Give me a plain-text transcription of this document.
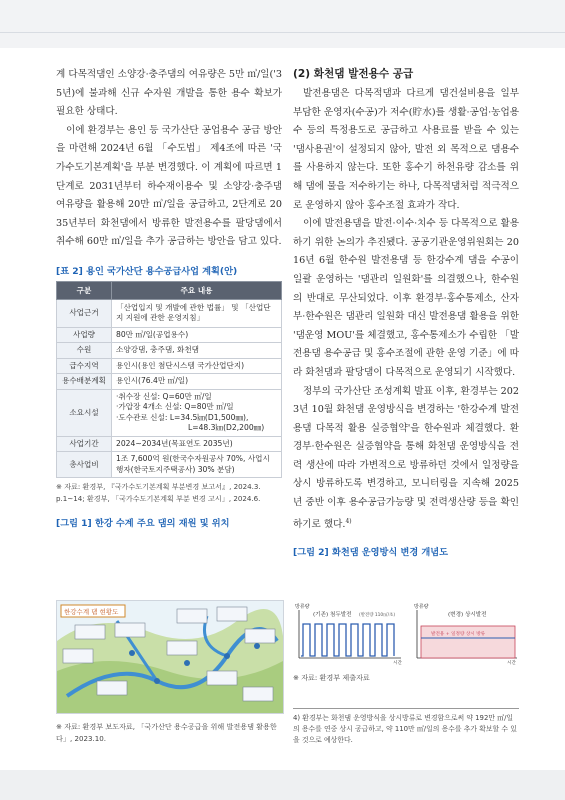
계 다목적댐인 소양강·충주댐의 여유량은 5만 ㎥/일('35년)에 불과해 신규 수자원 개발을 통한 용수 확보가 필요한 상태다.

이에 환경부는 용인 등 국가산단 공업용수 공급 방안을 마련해 2024년 6월 「수도법」 제4조에 따른 '국가수도기본계획'을 부분 변경했다. 이 계획에 따르면 1단계로 2031년부터 하수재이용수 및 소양강·충주댐 여유량을 활용해 20만 ㎥/일을 공급하고, 2단계로 2035년부터 화천댐에서 방류한 발전용수를 팔당댐에서 취수해 60만 ㎥/일을 추가 공급하는 방안을 담고 있다.

[표 2] 용인 국가산단 용수공급사업 계획(안)

구분	주요 내용
사업근거	「산업입지 및 개발에 관한 법률」 및 「산업단지 지원에 관한 운영지침」
사업량	80만 ㎥/일(공업용수)
수원	소양강댐, 충주댐, 화천댐
급수지역	용인시(용인 첨단시스템 국가산업단지)
용수배분계획	용인시(76.4만 ㎥/일)
소요시설	·취수장 신설: Q=60만 ㎥/일
·가압장 4개소 신설: Q=80만 ㎥/일
·도수관로 신설: L=34.5㎞(D1,500㎜),
L=48.3㎞(D2,200㎜)

사업기간	2024~2034년(목표연도 2035년)
총사업비	1조 7,600억 원(한국수자원공사 70%, 사업시행자(한국토지주택공사) 30% 분담)

※ 자료: 환경부, 『국가수도기본계획 부분변경 보고서』, 2024.3. p.1~14; 환경부, 「국가수도기본계획 부분 변경 고시」, 2024.6.

[그림 1] 한강 수계 주요 댐의 재원 및 위치

한강수계 댐 현황도

※ 자료: 환경부 보도자료, 「국가산단 용수공급을 위해 발전용댐 활용한다」, 2023.10.

(2) 화천댐 발전용수 공급

발전용댐은 다목적댐과 다르게 댐건설비용을 일부 부담한 운영자(수공)가 저수(貯水)를 생활·공업·농업용수 등의 특정용도로 공급하고 사용료를 받을 수 있는 '댐사용권'이 설정되지 않아, 발전 외 목적으로 댐용수를 사용하지 않는다. 또한 홍수기 하천유량 감소를 위해 댐에 물을 저수하기는 하나, 다목적댐처럼 적극적으로 운영하지 않아 홍수조절 효과가 작다.

이에 발전용댐을 발전·이수·치수 등 다목적으로 활용하기 위한 논의가 추진됐다. 공공기관운영위원회는 2016년 6월 한수원 발전용댐 등 한강수계 댐을 수공이 일괄 운영하는 '댐관리 일원화'를 의결했으나, 한수원의 반대로 무산되었다. 이후 환경부·홍수통제소, 산자부·한수원은 댐관리 일원화 대신 발전용댐 활용을 위한 '댐운영 MOU'를 체결했고, 홍수통제소가 수립한 「발전용댐 용수공급 및 홍수조절에 관한 운영 기준」에 따라 화천댐과 팔당댐이 다목적으로 운영되기 시작했다.

정부의 국가산단 조성계획 발표 이후, 환경부는 2023년 10월 화천댐 운영방식을 변경하는 '한강수계 발전용댐 다목적 활용 실증협약'을 한수원과 체결했다. 환경부·한수원은 실증협약을 통해 화천댐 운영방식을 전력 생산에 따라 가변적으로 방류하던 것에서 일정량을 상시 방류하도록 변경하고, 모니터링을 지속해 2025년 중반 이후 용수공급가능량 및 전력생산량 등을 확인하기로 했다.$^{4)}$

[그림 2] 화천댐 운영방식 변경 개념도

방류량
(기존) 첨두발전 (발전량 110㎥/초)
시간
방류량
(변경) 상시발전
발전용 + 일정량 상시 방류
시간

※ 자료: 환경부 제출자료

4) 환경부는 화천댐 운영방식을 상시방류로 변경함으로써 약 192만 ㎥/일의 용수를 연중 상시 공급하고, 약 110만 ㎥/일의 용수를 추가 확보할 수 있을 것으로 예상한다.
